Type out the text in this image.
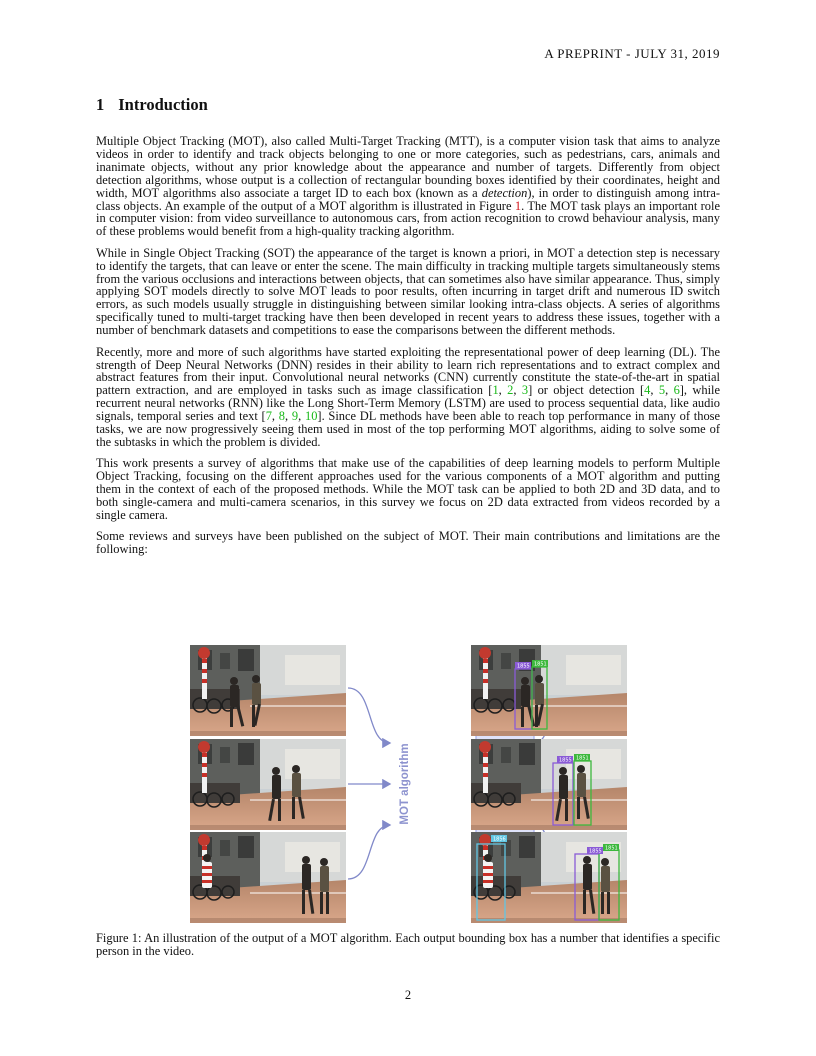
A PREPRINT - JULY 31, 2019
1 Introduction

Multiple Object Tracking (MOT), also called Multi-Target Tracking (MTT), is a computer vision task that aims to analyze videos in order to identify and track objects belonging to one or more categories, such as pedestrians, cars, animals and inanimate objects, without any prior knowledge about the appearance and number of targets. Differently from object detection algorithms, whose output is a collection of rectangular bounding boxes identified by their coordinates, height and width, MOT algorithms also associate a target ID to each box (known as a detection), in order to distinguish among intra-class objects. An example of the output of a MOT algorithm is illustrated in Figure 1. The MOT task plays an important role in computer vision: from video surveillance to autonomous cars, from action recognition to crowd behaviour analysis, many of these problems would benefit from a high-quality tracking algorithm.

While in Single Object Tracking (SOT) the appearance of the target is known a priori, in MOT a detection step is necessary to identify the targets, that can leave or enter the scene. The main difficulty in tracking multiple targets simultaneously stems from the various occlusions and interactions between objects, that can sometimes also have similar appearance. Thus, simply applying SOT models directly to solve MOT leads to poor results, often incurring in target drift and numerous ID switch errors, as such models usually struggle in distinguishing between similar looking intra-class objects. A series of algorithms specifically tuned to multi-target tracking have then been developed in recent years to address these issues, together with a number of benchmark datasets and competitions to ease the comparisons between the different methods.

Recently, more and more of such algorithms have started exploiting the representational power of deep learning (DL). The strength of Deep Neural Networks (DNN) resides in their ability to learn rich representations and to extract complex and abstract features from their input. Convolutional neural networks (CNN) currently constitute the state-of-the-art in spatial pattern extraction, and are employed in tasks such as image classification [1, 2, 3] or object detection [4, 5, 6], while recurrent neural networks (RNN) like the Long Short-Term Memory (LSTM) are used to process sequential data, like audio signals, temporal series and text [7, 8, 9, 10]. Since DL methods have been able to reach top performance in many of those tasks, we are now progressively seeing them used in most of the top performing MOT algorithms, aiding to solve some of the subtasks in which the problem is divided.

This work presents a survey of algorithms that make use of the capabilities of deep learning models to perform Multiple Object Tracking, focusing on the different approaches used for the various components of a MOT algorithm and putting them in the context of each of the proposed methods. While the MOT task can be applied to both 2D and 3D data, and to both single-camera and multi-camera scenarios, in this survey we focus on 2D data extracted from videos recorded by a single camera.

Some reviews and surveys have been published on the subject of MOT. Their main contributions and limitations are the following:

MOT algorithm
1855 1851
1855 1851
1856
1855 1851
Figure 1: An illustration of the output of a MOT algorithm. Each output bounding box has a number that identifies a specific person in the video.
2
